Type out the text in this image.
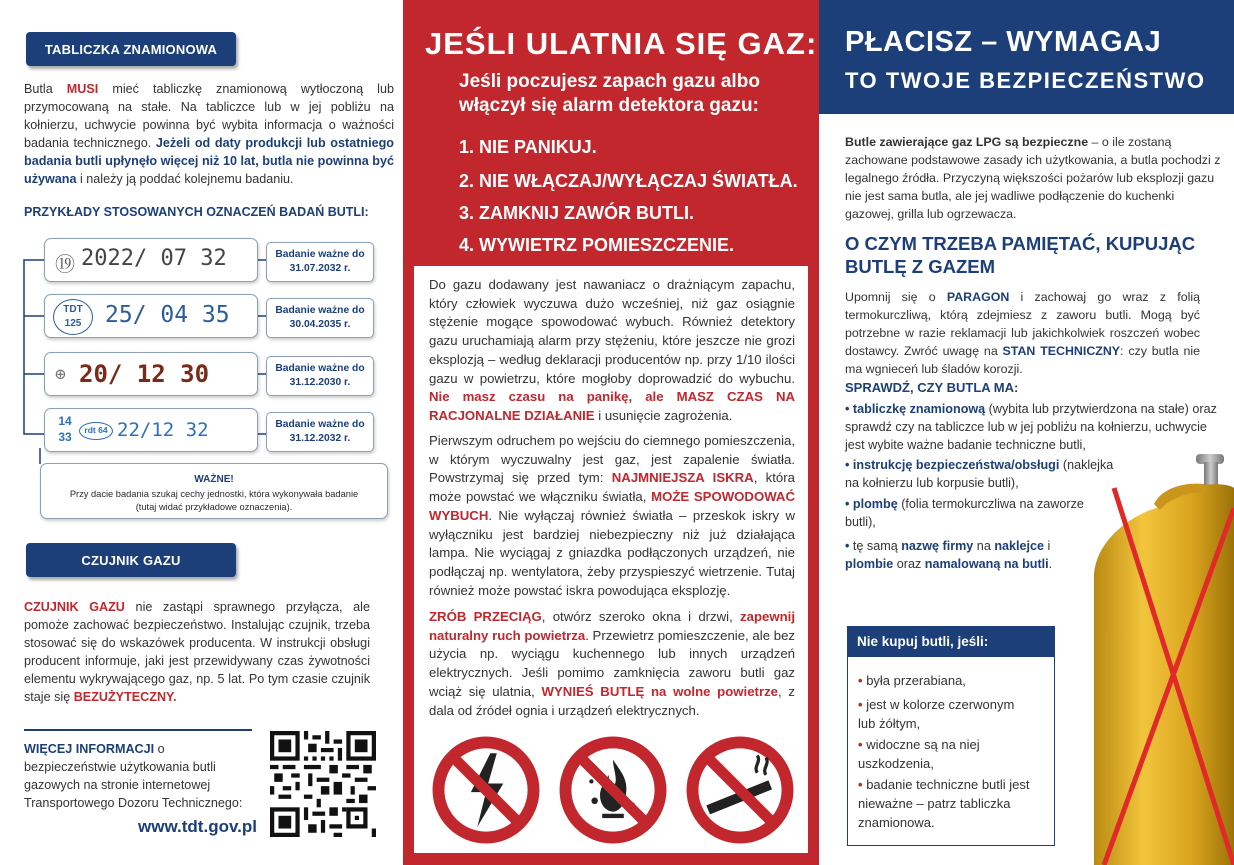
TABLICZKA ZNAMIONOWA
Butla MUSI mieć tabliczkę znamionową wytłoczoną lub przymocowaną na stałe. Na tabliczce lub w jej pobliżu na kołnierzu, uchwycie powinna być wybita informacja o ważności badania technicznego. Jeżeli od daty produkcji lub ostatniego badania butli upłynęło więcej niż 10 lat, butla nie powinna być używana i należy ją poddać kolejnemu badaniu.
PRZYKŁADY STOSOWANYCH OZNACZEŃ BADAŃ BUTLI:
⑲ 2022/ 07 32	Badanie ważne do
31.07.2032 r.
TDT 125	25/ 04 35	Badanie ważne do
30.04.2035 r.
⊕ 20/ 12 30	Badanie ważne do
31.12.2030 r.
14 33	rdt 64 22/12 32	Badanie ważne do
31.12.2032 r.
WAŻNE!
Przy dacie badania szukaj cechy jednostki, która wykonywała badanie (tutaj widać przykładowe oznaczenia).
CZUJNIK GAZU
CZUJNIK GAZU nie zastąpi sprawnego przyłącza, ale pomoże zachować bezpieczeństwo. Instalując czujnik, trzeba stosować się do wskazówek producenta. W instrukcji obsługi producent informuje, jaki jest przewidywany czas żywotności elementu wykrywającego gaz, np. 5 lat. Po tym czasie czujnik staje się BEZUŻYTECZNY.
WIĘCEJ INFORMACJI o bezpieczeństwie użytkowania butli gazowych na stronie internetowej Transportowego Dozoru Technicznego:
www.tdt.gov.pl
JEŚLI ULATNIA SIĘ GAZ:
Jeśli poczujesz zapach gazu albo włączył się alarm detektora gazu:
1. NIE PANIKUJ.
2. NIE WŁĄCZAJ/WYŁĄCZAJ ŚWIATŁA.
3. ZAMKNIJ ZAWÓR BUTLI.
4. WYWIETRZ POMIESZCZENIE.
Do gazu dodawany jest nawaniacz o drażniącym zapachu, który człowiek wyczuwa dużo wcześniej, niż gaz osiągnie stężenie mogące spowodować wybuch. Również detektory gazu uruchamiają alarm przy stężeniu, które jeszcze nie grozi eksplozją – według deklaracji producentów np. przy 1/10 ilości gazu w powietrzu, które mogłoby doprowadzić do wybuchu. Nie masz czasu na panikę, ale MASZ CZAS NA RACJONALNE DZIAŁANIE i usunięcie zagrożenia.
Pierwszym odruchem po wejściu do ciemnego pomieszczenia, w którym wyczuwalny jest gaz, jest zapalenie światła. Powstrzymaj się przed tym: NAJMNIEJSZA ISKRA, która może powstać we włączniku światła, MOŻE SPOWODOWAĆ WYBUCH. Nie wyłączaj również światła – przeskok iskry w wyłączniku jest bardziej niebezpieczny niż już działająca lampa. Nie wyciągaj z gniazdka podłączonych urządzeń, nie podłączaj np. wentylatora, żeby przyspieszyć wietrzenie. Tutaj również może powstać iskra powodująca eksplozję.
ZRÓB PRZECIĄG, otwórz szeroko okna i drzwi, zapewnij naturalny ruch powietrza. Przewietrz pomieszczenie, ale bez użycia np. wyciągu kuchennego lub innych urządzeń elektrycznych. Jeśli pomimo zamknięcia zaworu butli gaz wciąż się ulatnia, WYNIEŚ BUTLĘ na wolne powietrze, z dala od źródeł ognia i urządzeń elektrycznych.
PŁACISZ – WYMAGAJ
TO TWOJE BEZPIECZEŃSTWO
Butle zawierające gaz LPG są bezpieczne – o ile zostaną zachowane podstawowe zasady ich użytkowania, a butla pochodzi z legalnego źródła. Przyczyną większości pożarów lub eksplozji gazu nie jest sama butla, ale jej wadliwe podłączenie do kuchenki gazowej, grilla lub ogrzewacza.
O CZYM TRZEBA PAMIĘTAĆ, KUPUJĄC BUTLĘ Z GAZEM
Upomnij się o PARAGON i zachowaj go wraz z folią termokurczliwą, którą zdejmiesz z zaworu butli. Mogą być potrzebne w razie reklamacji lub jakichkolwiek roszczeń wobec dostawcy. Zwróć uwagę na STAN TECHNICZNY: czy butla nie ma wgnieceń lub śladów korozji.
SPRAWDŹ, CZY BUTLA MA:
• tabliczkę znamionową (wybita lub przytwierdzona na stałe) oraz sprawdź czy na tabliczce lub w jej pobliżu na kołnierzu, uchwycie jest wybite ważne badanie techniczne butli,
• instrukcję bezpieczeństwa/obsługi (naklejka na kołnierzu lub korpusie butli),
• plombę (folia termokurczliwa na zaworze butli),
• tę samą nazwę firmy na naklejce i plombie oraz namalowaną na butli.
Nie kupuj butli, jeśli:
• była przerabiana,
• jest w kolorze czerwonym lub żółtym,
• widoczne są na niej uszkodzenia,
• badanie techniczne butli jest nieważne – patrz tabliczka znamionowa.
